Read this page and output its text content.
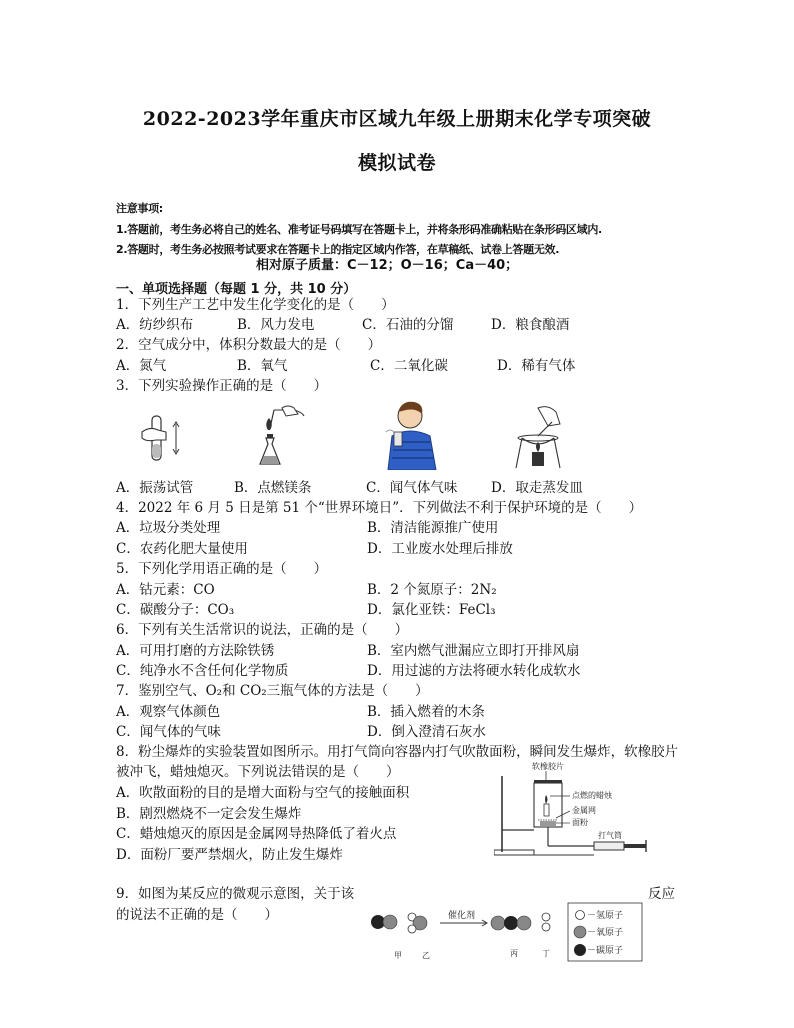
2022-2023学年重庆市区域九年级上册期末化学专项突破
模拟试卷
注意事项:
1.答题前，考生务必将自己的姓名、准考证号码填写在答题卡上，并将条形码准确粘贴在条形码区域内.
2.答题时，考生务必按照考试要求在答题卡上的指定区域内作答，在草稿纸、试卷上答题无效.
相对原子质量：C－12；O－16；Ca－40；
一、单项选择题（每题 1 分，共 10 分）
1．下列生产工艺中发生化学变化的是（　　）
A．纺纱织布	B．风力发电	C．石油的分馏	D．粮食酿酒
2．空气成分中，体积分数最大的是（　　）
A．氮气	B．氧气	C．二氧化碳	D．稀有气体
3．下列实验操作正确的是（　　）
A．振荡试管	B．点燃镁条	C．闻气体气味 D．取走蒸发皿
4．2022 年 6 月 5 日是第 51 个“世界环境日”．下列做法不利于保护环境的是（　　）
A．垃圾分类处理	B．清洁能源推广使用
C．农药化肥大量使用	D．工业废水处理后排放
5．下列化学用语正确的是（　　）
A．钴元素：CO	B．2 个氮原子：2N₂
C．碳酸分子：CO₃	D．氯化亚铁：FeCl₃
6．下列有关生活常识的说法，正确的是（　　）
A．可用打磨的方法除铁锈	B．室内燃气泄漏应立即打开排风扇
C．纯净水不含任何化学物质	D．用过滤的方法将硬水转化成软水
7．鉴别空气、O₂和 CO₂三瓶气体的方法是（　　）
A．观察气体颜色	B．插入燃着的木条
C．闻气体的气味	D．倒入澄清石灰水
8．粉尘爆炸的实验装置如图所示。用打气筒向容器内打气吹散面粉，瞬间发生爆炸，软橡胶片
被冲飞，蜡烛熄灭。下列说法错误的是（　　）
A．吹散面粉的目的是增大面粉与空气的接触面积
B．剧烈燃烧不一定会发生爆炸
C．蜡烛熄灭的原因是金属网导热降低了着火点
D．面粉厂要严禁烟火，防止发生爆炸
软橡胶片
点燃的蜡烛
金属网
面粉
打气筒
9．如图为某反应的微观示意图，关于该	反应
的说法不正确的是（　　）	催化剂
甲	乙	丙	丁
－氢原子
－氧原子
－碳原子
